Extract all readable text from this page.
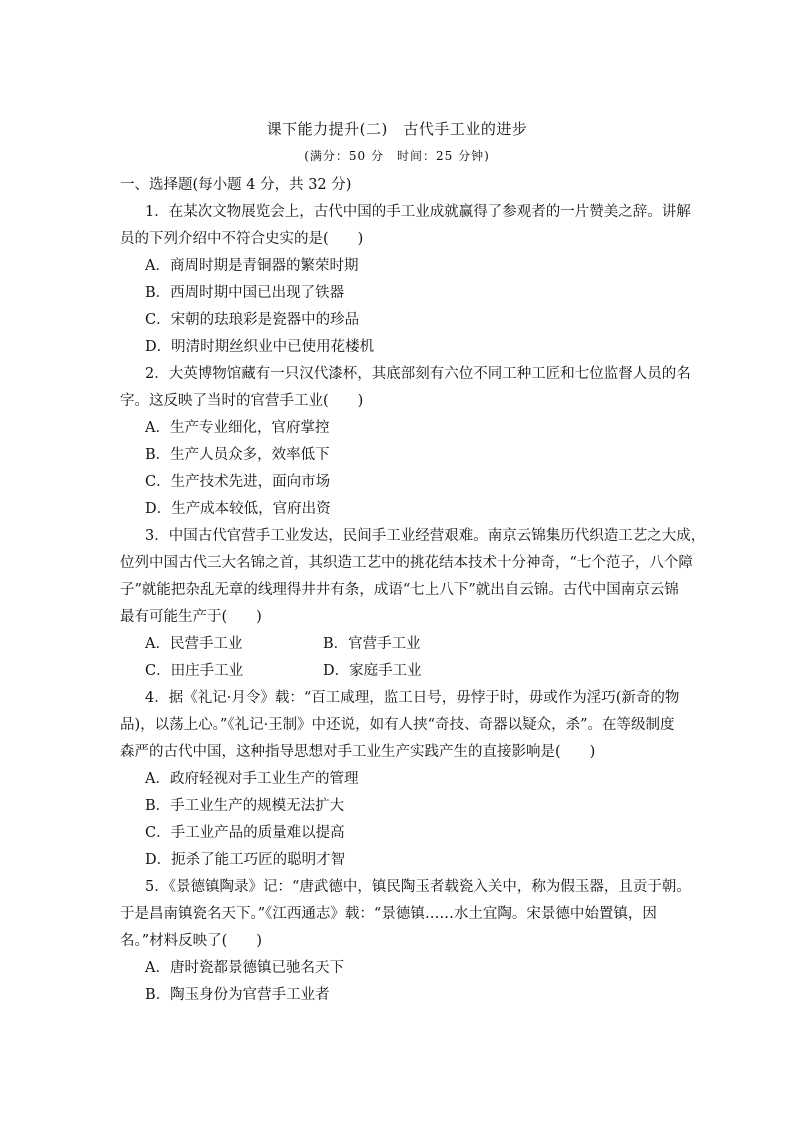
课下能力提升(二)　古代手工业的进步
(满分：50 分　时间：25 分钟)
一、选择题(每小题 4 分，共 32 分)
1．在某次文物展览会上，古代中国的手工业成就赢得了参观者的一片赞美之辞。讲解
员的下列介绍中不符合史实的是(　　)
A．商周时期是青铜器的繁荣时期
B．西周时期中国已出现了铁器
C．宋朝的珐琅彩是瓷器中的珍品
D．明清时期丝织业中已使用花楼机
2．大英博物馆藏有一只汉代漆杯，其底部刻有六位不同工种工匠和七位监督人员的名
字。这反映了当时的官营手工业(　　)
A．生产专业细化，官府掌控
B．生产人员众多，效率低下
C．生产技术先进，面向市场
D．生产成本较低，官府出资
3．中国古代官营手工业发达，民间手工业经营艰难。南京云锦集历代织造工艺之大成，
位列中国古代三大名锦之首，其织造工艺中的挑花结本技术十分神奇，“七个范子，八个障
子”就能把杂乱无章的线理得井井有条，成语“七上八下”就出自云锦。古代中国南京云锦
最有可能生产于(　　)
A．民营手工业	B．官营手工业
C．田庄手工业	D．家庭手工业
4．据《礼记·月令》载：“百工咸理，监工日号，毋悖于时，毋或作为淫巧(新奇的物
品)，以荡上心。”《礼记·王制》中还说，如有人挟“奇技、奇器以疑众，杀”。在等级制度
森严的古代中国，这种指导思想对手工业生产实践产生的直接影响是(　　)
A．政府轻视对手工业生产的管理
B．手工业生产的规模无法扩大
C．手工业产品的质量难以提高
D．扼杀了能工巧匠的聪明才智
5．《景德镇陶录》记：“唐武德中，镇民陶玉者载瓷入关中，称为假玉器，且贡于朝。
于是昌南镇瓷名天下。”《江西通志》载：“景德镇……水土宜陶。宋景德中始置镇，因
名。”材料反映了(　　)
A．唐时瓷都景德镇已驰名天下
B．陶玉身份为官营手工业者
